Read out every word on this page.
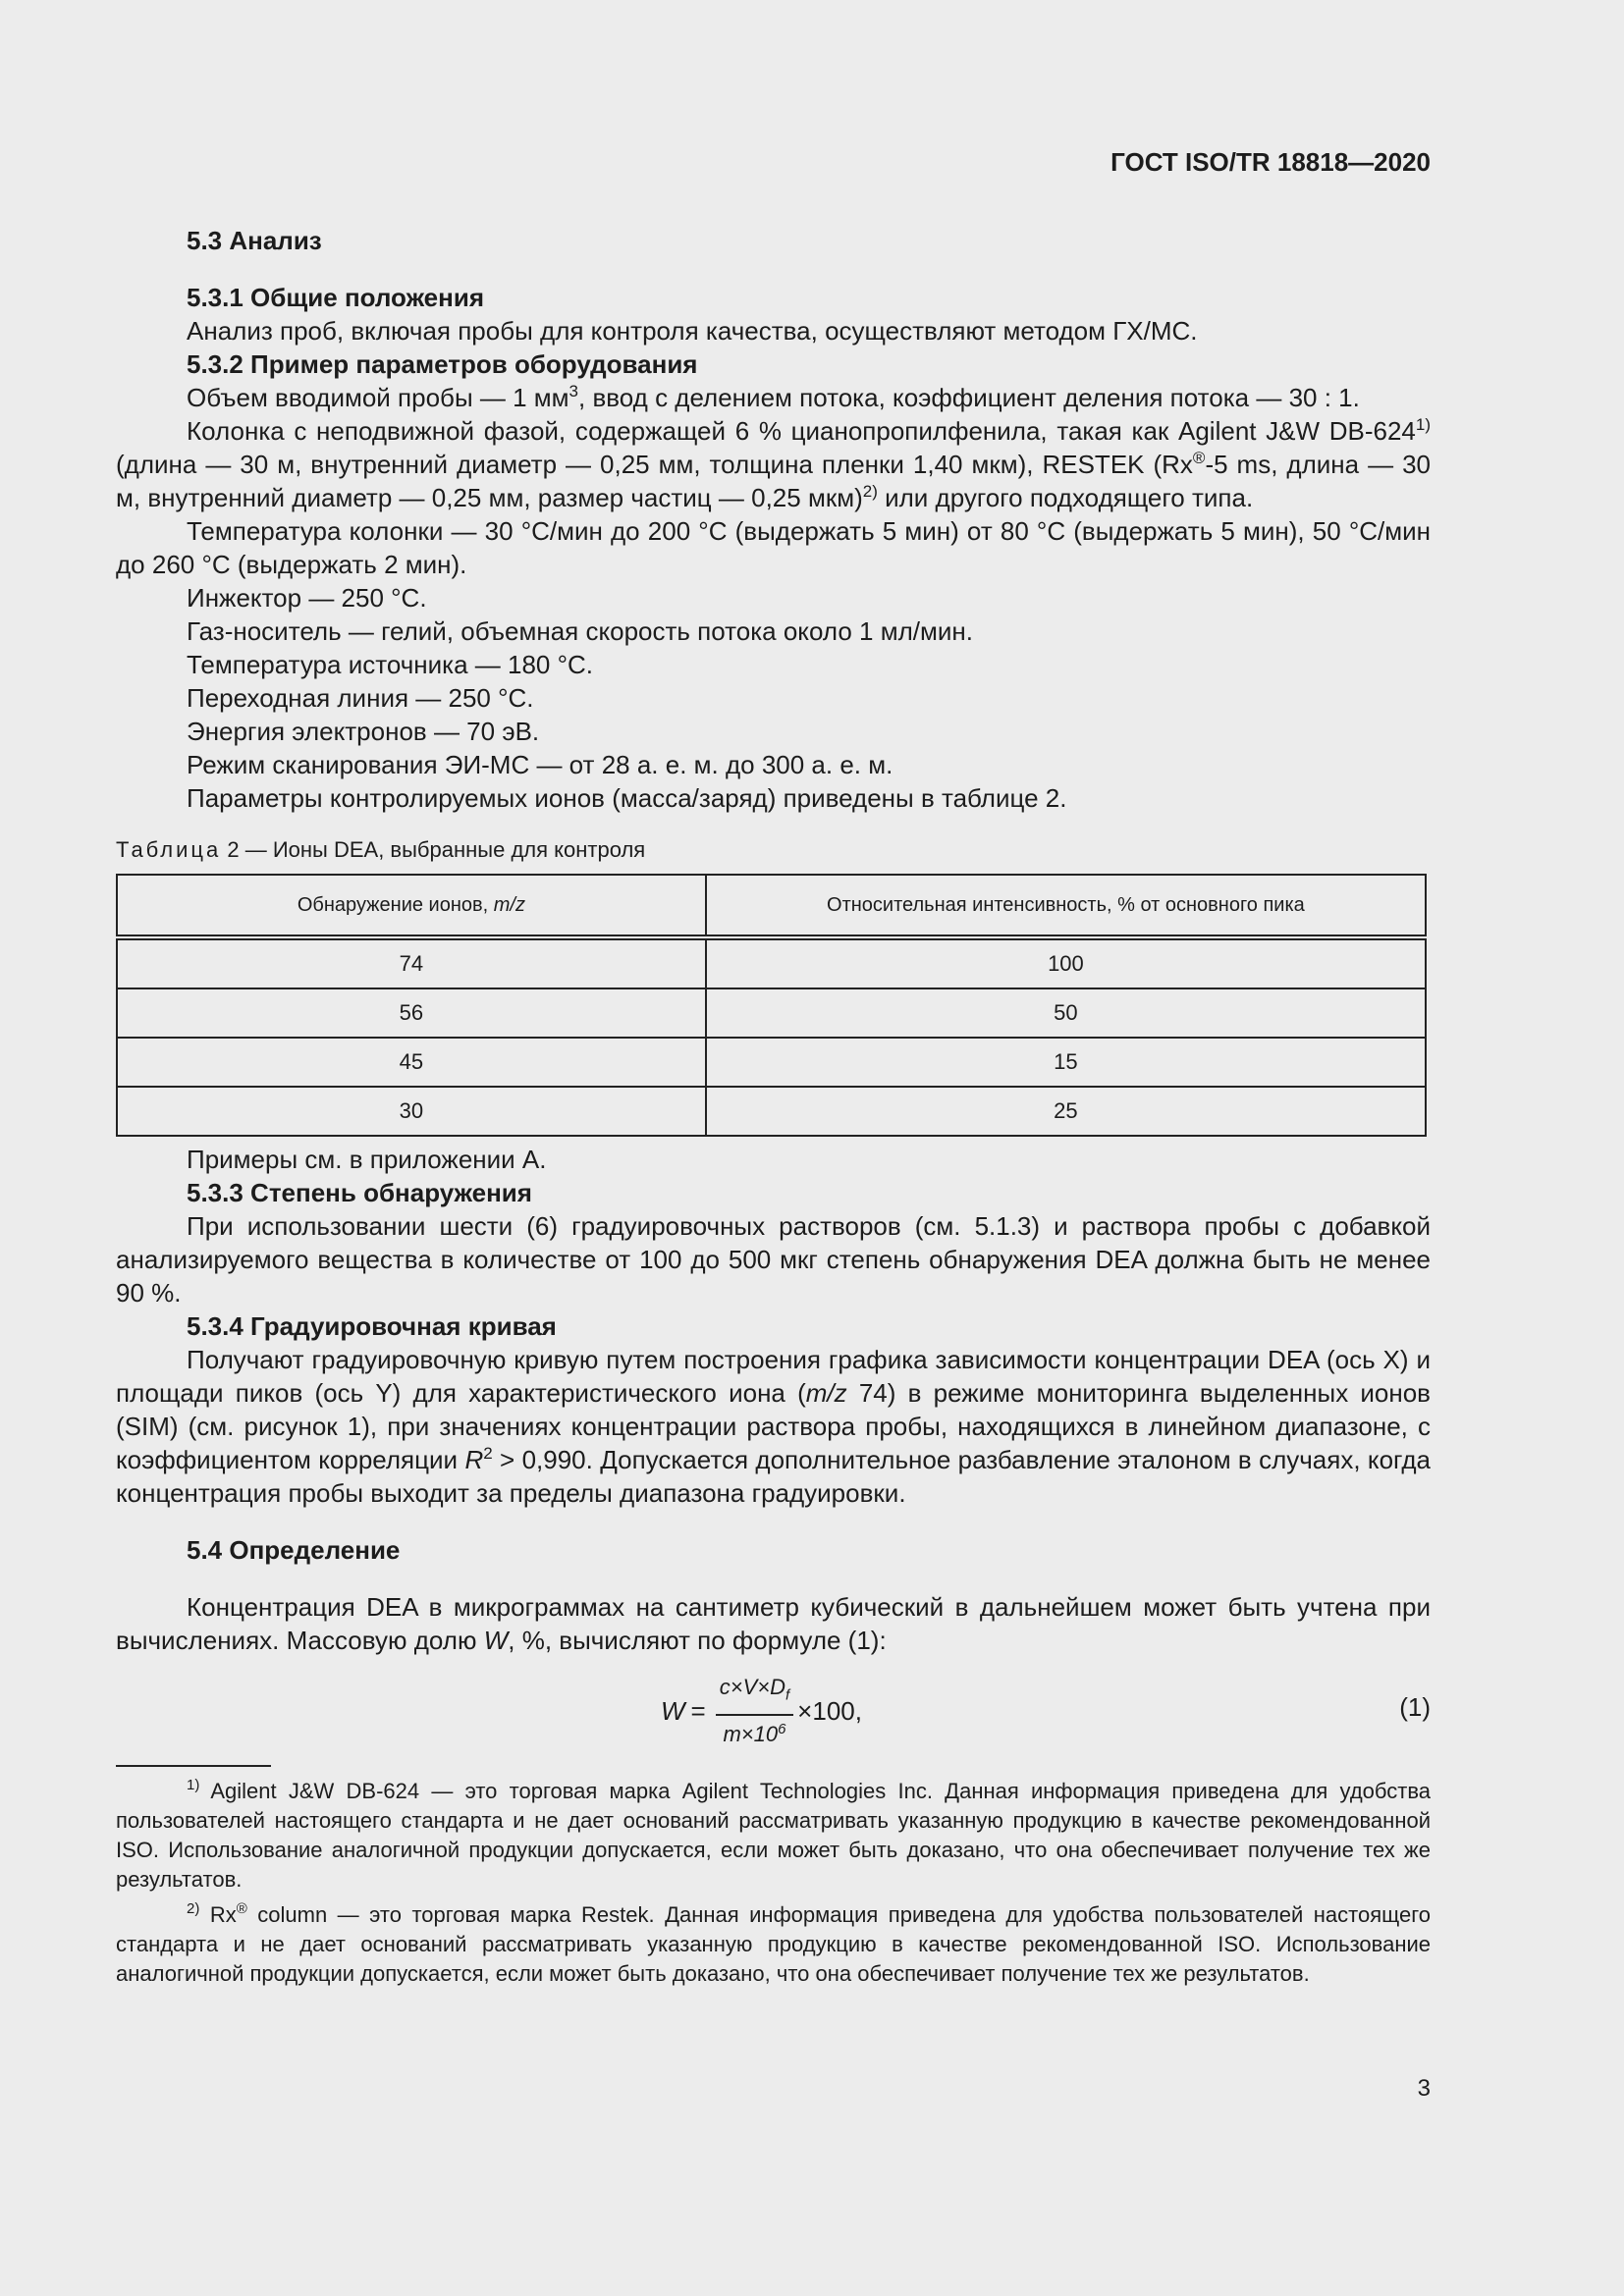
ГОСТ ISO/TR 18818—2020

5.3 Анализ

5.3.1 Общие положения

Анализ проб, включая пробы для контроля качества, осуществляют методом ГХ/МС.

5.3.2 Пример параметров оборудования

Объем вводимой пробы — 1 $мм^3$, ввод с делением потока, коэффициент деления потока — 30 : 1.

Колонка с неподвижной фазой, содержащей 6 % цианопропилфенила, такая как Agilent J&W DB-624$^{1)}$ (длина — 30 м, внутренний диаметр — 0,25 мм, толщина пленки 1,40 мкм), RESTEK (Rx®-5 ms, длина — 30 м, внутренний диаметр — 0,25 мм, размер частиц — 0,25 мкм)$^{2)}$ или другого подходящего типа.

Температура колонки — 30 °С/мин до 200 °С (выдержать 5 мин) от 80 °С (выдержать 5 мин), 50 °С/мин до 260 °С (выдержать 2 мин).

Инжектор — 250 °С.

Газ-носитель — гелий, объемная скорость потока около 1 мл/мин.

Температура источника — 180 °С.

Переходная линия — 250 °С.

Энергия электронов — 70 эВ.

Режим сканирования ЭИ-МС — от 28 а. е. м. до 300 а. е. м.

Параметры контролируемых ионов (масса/заряд) приведены в таблице 2.

Таблица 2 — Ионы DEA, выбранные для контроля
Обнаружение ионов, m/z	Относительная интенсивность, % от основного пика
74	100
56	50
45	15
30	25

Примеры см. в приложении А.

5.3.3 Степень обнаружения

При использовании шести (6) градуировочных растворов (см. 5.1.3) и раствора пробы с добавкой анализируемого вещества в количестве от 100 до 500 мкг степень обнаружения DEA должна быть не менее 90 %.

5.3.4 Градуировочная кривая

Получают градуировочную кривую путем построения графика зависимости концентрации DEA (ось X) и площади пиков (ось Y) для характеристического иона (m/z 74) в режиме мониторинга выделенных ионов (SIM) (см. рисунок 1), при значениях концентрации раствора пробы, находящихся в линейном диапазоне, с коэффициентом корреляции $R^2 > 0,990$. Допускается дополнительное разбавление эталоном в случаях, когда концентрация пробы выходит за пределы диапазона градуировки.

5.4 Определение

Концентрация DEA в микрограммах на сантиметр кубический в дальнейшем может быть учтена при вычислениях. Массовую долю W, %, вычисляют по формуле (1):

$W = \frac{c\times V\times D_f}{m\times 10^6} \times 100$,	(1)

$^{1)}$ Agilent J&W DB-624 — это торговая марка Agilent Technologies Inc. Данная информация приведена для удобства пользователей настоящего стандарта и не дает оснований рассматривать указанную продукцию в качестве рекомендованной ISO. Использование аналогичной продукции допускается, если может быть доказано, что она обеспечивает получение тех же результатов.

$^{2)}$ Rx® column — это торговая марка Restek. Данная информация приведена для удобства пользователей настоящего стандарта и не дает оснований рассматривать указанную продукцию в качестве рекомендованной ISO. Использование аналогичной продукции допускается, если может быть доказано, что она обеспечивает получение тех же результатов.

3
